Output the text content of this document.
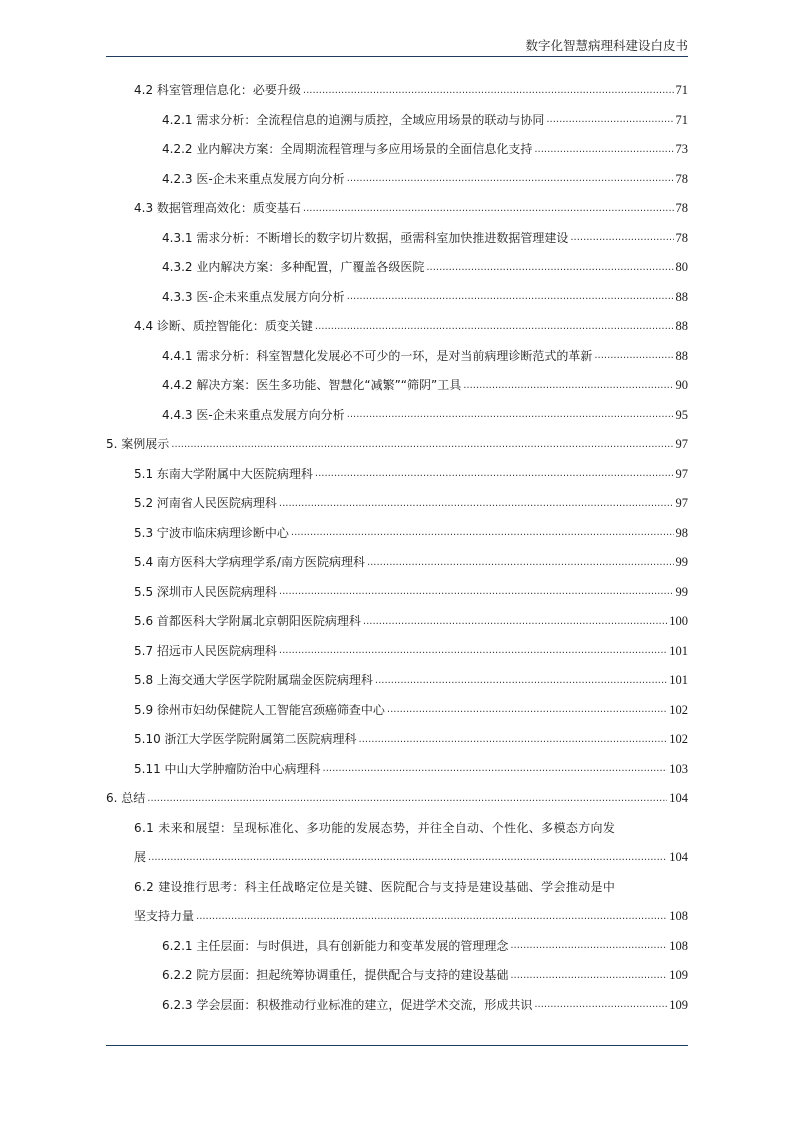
数字化智慧病理科建设白皮书
4.2 科室管理信息化：必要升级 .....	71
4.2.1 需求分析：全流程信息的追溯与质控，全域应用场景的联动与协同 .....	71
4.2.2 业内解决方案：全周期流程管理与多应用场景的全面信息化支持 .....	73
4.2.3 医-企未来重点发展方向分析 .....	78
4.3 数据管理高效化：质变基石 .....	78
4.3.1 需求分析：不断增长的数字切片数据，亟需科室加快推进数据管理建设 .....	78
4.3.2 业内解决方案：多种配置，广覆盖各级医院 .....	80
4.3.3 医-企未来重点发展方向分析 .....	88
4.4 诊断、质控智能化：质变关键 .....	88
4.4.1 需求分析：科室智慧化发展必不可少的一环，是对当前病理诊断范式的革新 .....	88
4.4.2 解决方案：医生多功能、智慧化“减繁”“筛阴”工具 .....	90
4.4.3 医-企未来重点发展方向分析 .....	95
5. 案例展示 .....	97
5.1 东南大学附属中大医院病理科 .....	97
5.2 河南省人民医院病理科 .....	97
5.3 宁波市临床病理诊断中心 .....	98
5.4 南方医科大学病理学系/南方医院病理科 .....	99
5.5 深圳市人民医院病理科 .....	99
5.6 首都医科大学附属北京朝阳医院病理科 .....	100
5.7 招远市人民医院病理科 .....	101
5.8 上海交通大学医学院附属瑞金医院病理科 .....	101
5.9 徐州市妇幼保健院人工智能宫颈癌筛查中心 .....	102
5.10 浙江大学医学院附属第二医院病理科 .....	102
5.11 中山大学肿瘤防治中心病理科 .....	103
6. 总结 .....	104
6.1 未来和展望：呈现标准化、多功能的发展态势，并往全自动、个性化、多模态方向发
展 .....	104
6.2 建设推行思考：科主任战略定位是关键、医院配合与支持是建设基础、学会推动是中
坚支持力量 .....	108
6.2.1 主任层面：与时俱进，具有创新能力和变革发展的管理理念 .....	108
6.2.2 院方层面：担起统筹协调重任，提供配合与支持的建设基础 .....	109
6.2.3 学会层面：积极推动行业标准的建立，促进学术交流，形成共识 .....	109
